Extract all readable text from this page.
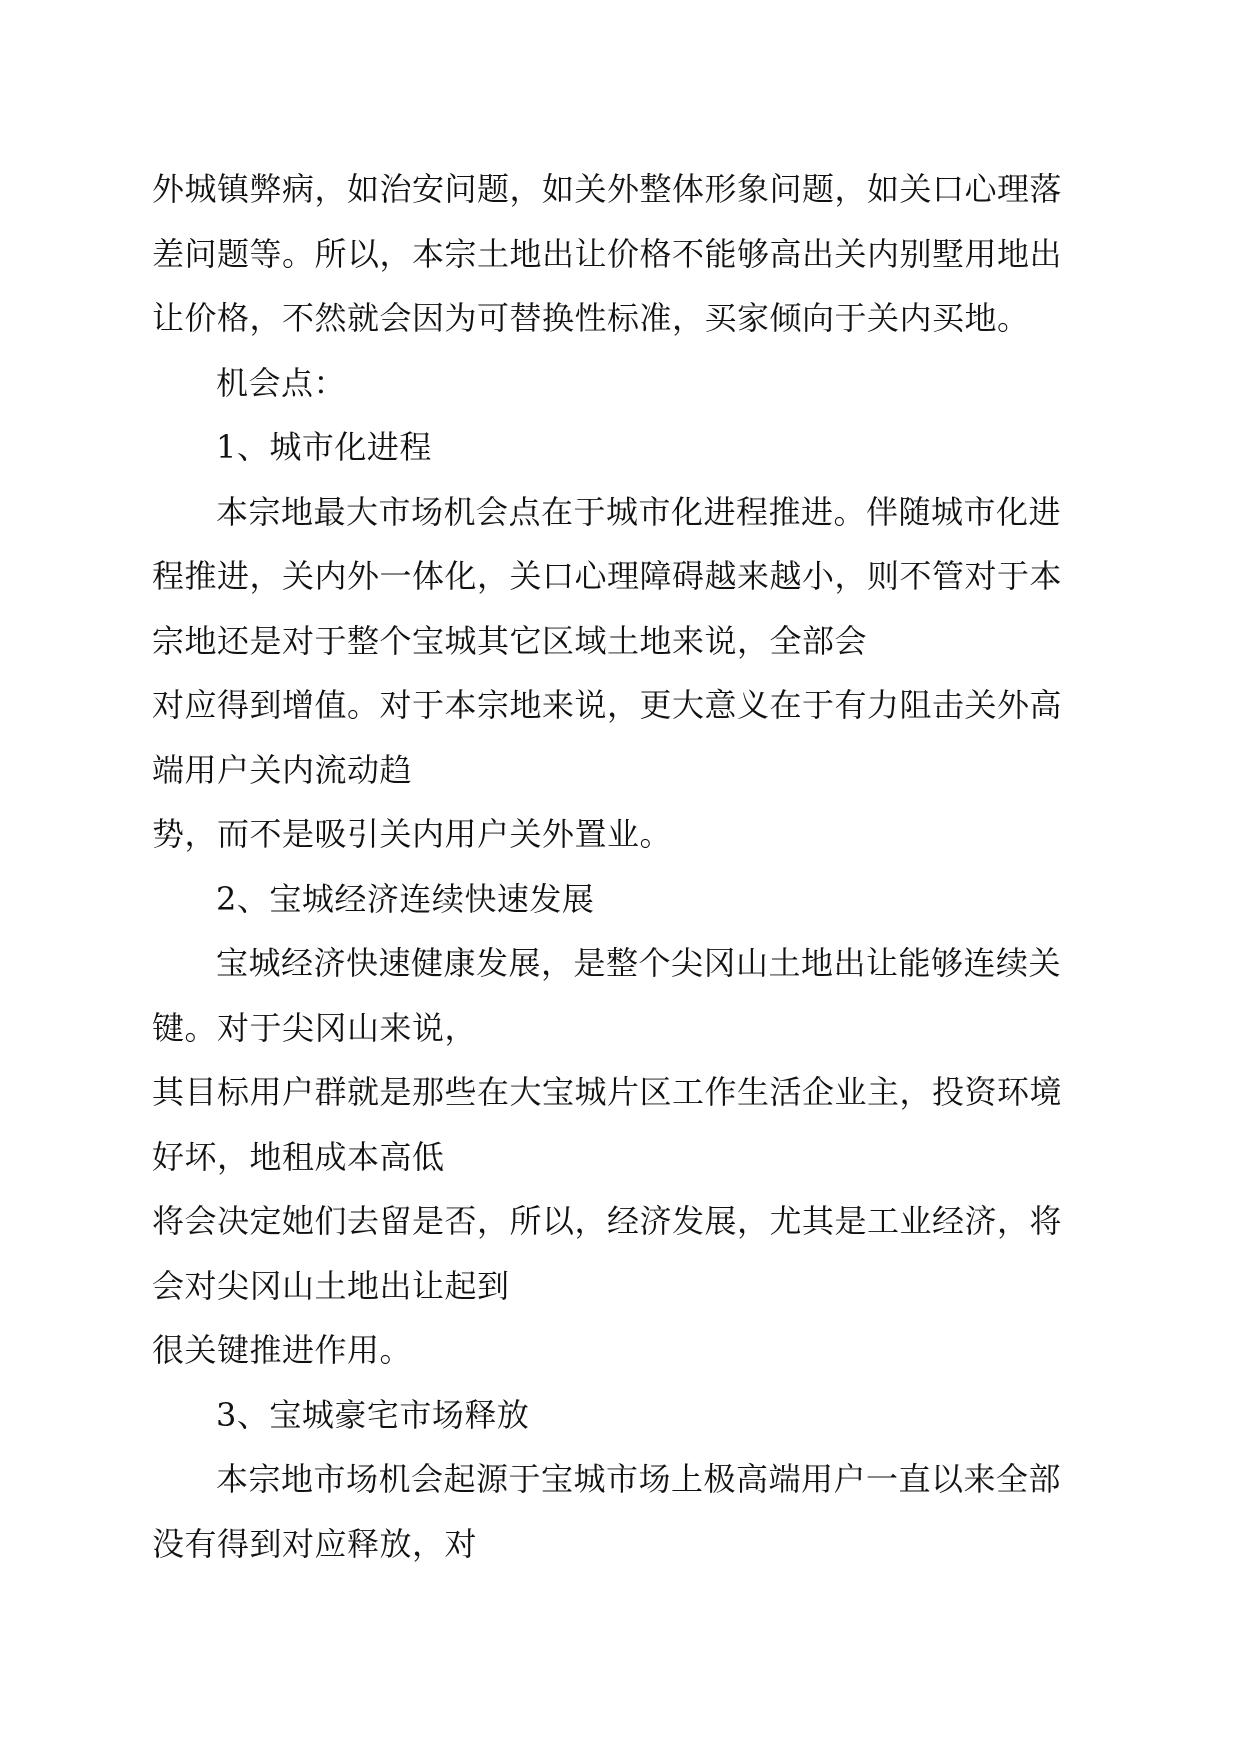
外城镇弊病，如治安问题，如关外整体形象问题，如关口心理落
差问题等。所以，本宗土地出让价格不能够高出关内别墅用地出
让价格，不然就会因为可替换性标准，买家倾向于关内买地。
机会点：
1、城市化进程
本宗地最大市场机会点在于城市化进程推进。伴随城市化进
程推进，关内外一体化，关口心理障碍越来越小，则不管对于本
宗地还是对于整个宝城其它区域土地来说，全部会
对应得到增值。对于本宗地来说，更大意义在于有力阻击关外高
端用户关内流动趋
势，而不是吸引关内用户关外置业。
2、宝城经济连续快速发展
宝城经济快速健康发展，是整个尖冈山土地出让能够连续关
键。对于尖冈山来说，
其目标用户群就是那些在大宝城片区工作生活企业主，投资环境
好坏，地租成本高低
将会决定她们去留是否，所以，经济发展，尤其是工业经济，将
会对尖冈山土地出让起到
很关键推进作用。
3、宝城豪宅市场释放
本宗地市场机会起源于宝城市场上极高端用户一直以来全部
没有得到对应释放，对
